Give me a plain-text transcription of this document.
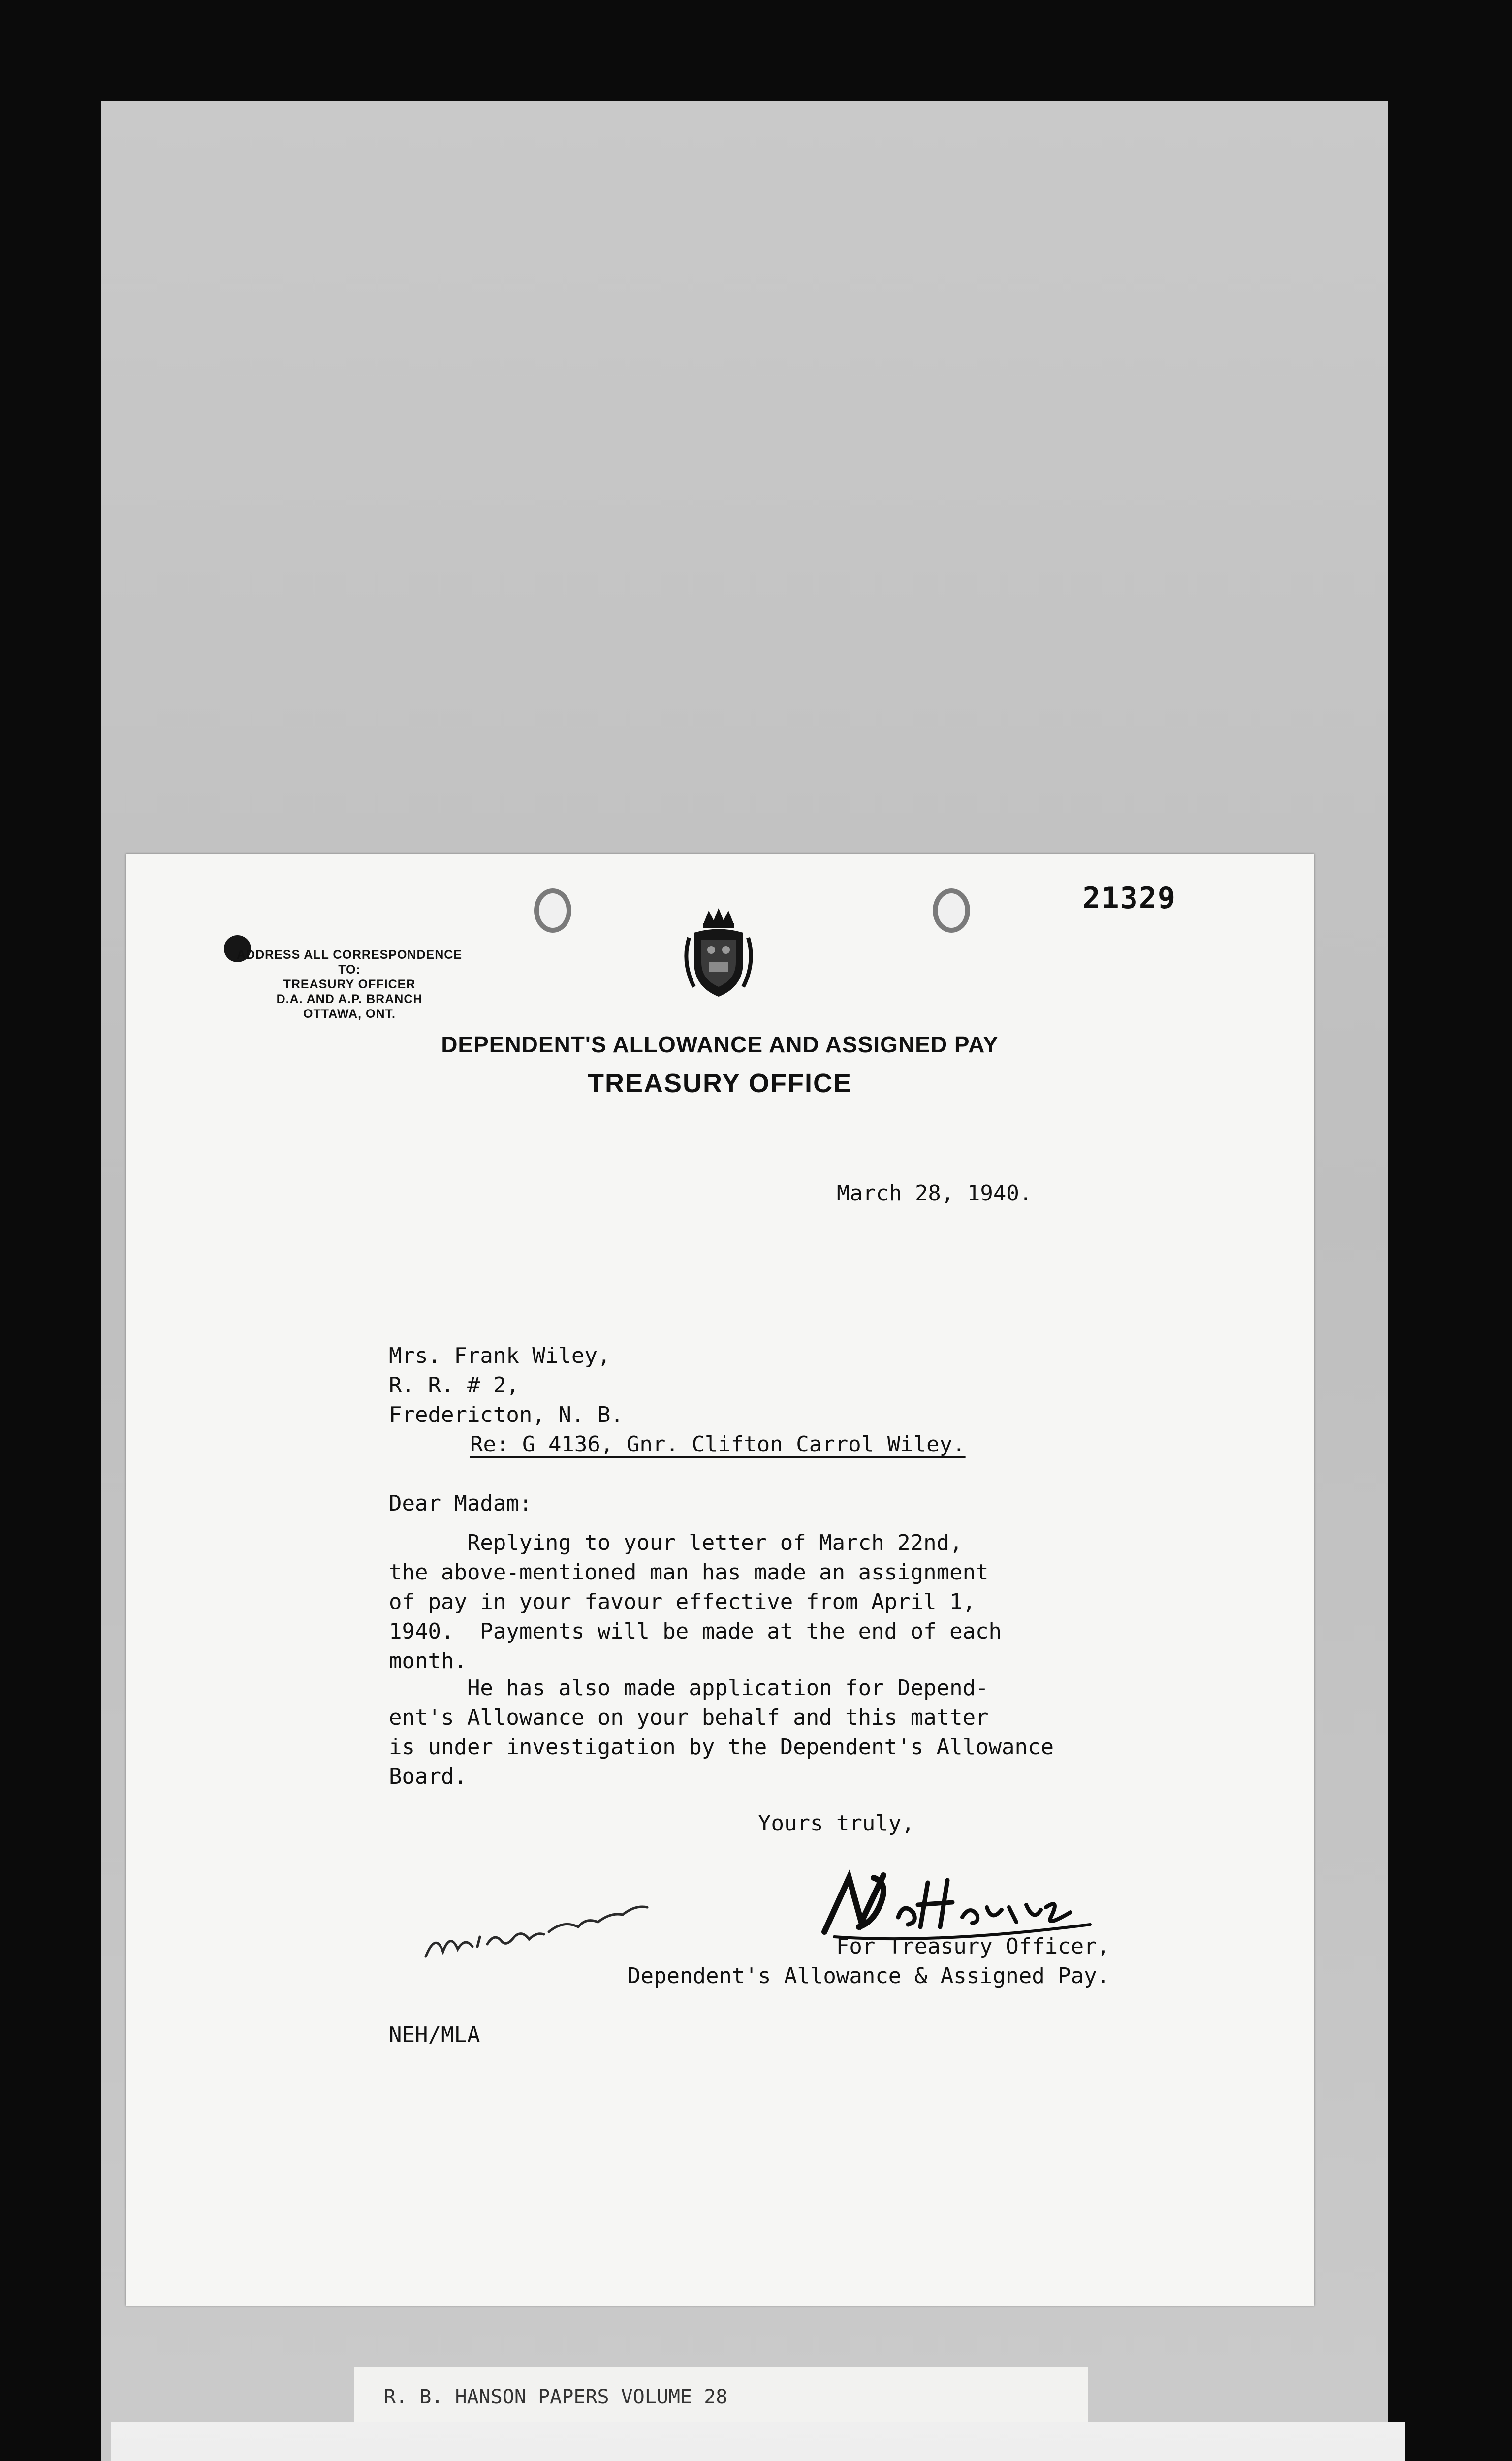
21329
ADDRESS ALL CORRESPONDENCE TO:
TREASURY OFFICER
D.A. AND A.P. BRANCH
OTTAWA, ONT.
DEPENDENT'S ALLOWANCE AND ASSIGNED PAY
TREASURY OFFICE
March 28, 1940.
Mrs. Frank Wiley,
R. R. # 2,
Fredericton, N. B.
Re: G 4136, Gnr. Clifton Carrol Wiley.
Dear Madam:
Replying to your letter of March 22nd,
the above-mentioned man has made an assignment
of pay in your favour effective from April 1,
1940.  Payments will be made at the end of each
month.
He has also made application for Depend-
ent's Allowance on your behalf and this matter
is under investigation by the Dependent's Allowance
Board.
Yours truly,
For Treasury Officer,
Dependent's Allowance & Assigned Pay.
NEH/MLA
R. B. HANSON PAPERS VOLUME 28
